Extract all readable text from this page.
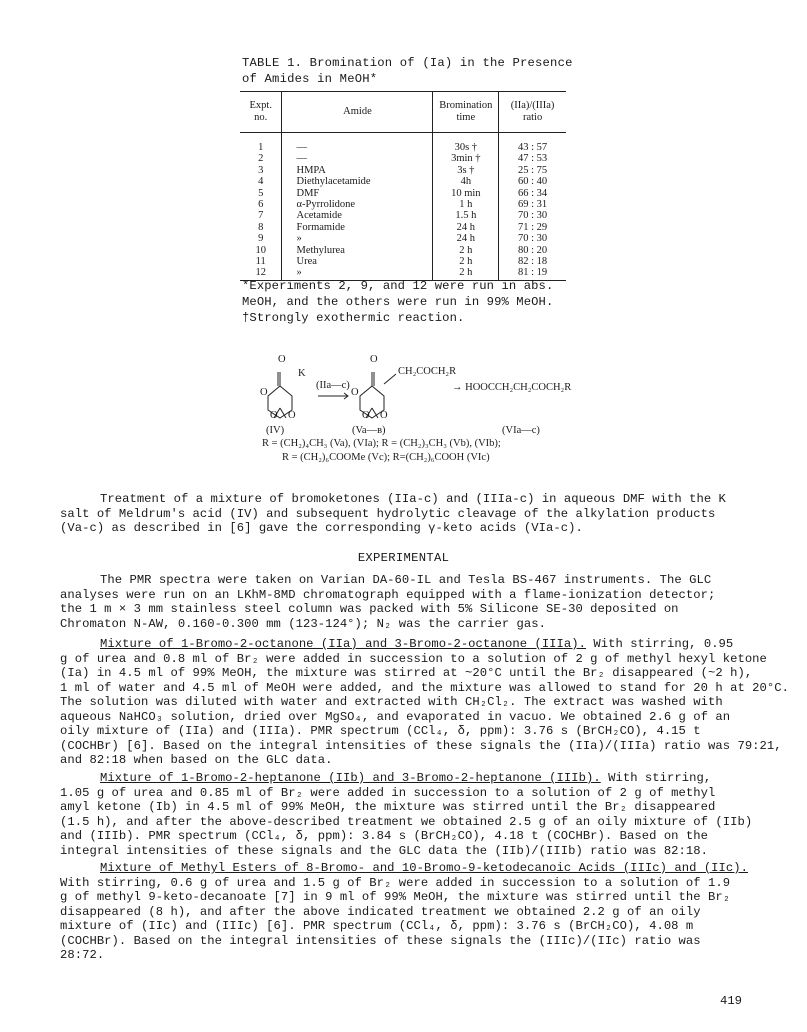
TABLE 1. Bromination of (Ia) in the Presence
of Amides in MeOH*
Expt. no.	Amide	Bromination time	(IIa)/(IIIa) ratio
1	—	30s †	43 : 57
2	—	3min †	47 : 53
3	HMPA	3s †	25 : 75
4	Diethylacetamide	4h	60 : 40
5	DMF	10 min	66 : 34
6	α-Pyrrolidone	1 h	69 : 31
7	Acetamide	1.5 h	70 : 30
8	Formamide	24 h	71 : 29
9	»	24 h	70 : 30
10	Methylurea	2 h	80 : 20
11	Urea	2 h	82 : 18
12	»	2 h	81 : 19
*Experiments 2, 9, and 12 were run in abs.
MeOH, and the others were run in 99% MeOH.
†Strongly exothermic reaction.
O
K
O
O O
O
CH₂COCH₂R
(IIa—c)
O
O O
→ HOOCCH₂CH₂COCH₂R
(IV)	(Va—в)	(VIa—c)
R = (CH₂)₄CH₃ (Va), (VIa); R = (CH₂)₃CH₃ (Vb), (VIb);
R = (CH₂)₆COOMe (Vc); R=(CH₂)₆COOH (VIc)
Treatment of a mixture of bromoketones (IIa-c) and (IIIa-c) in aqueous DMF with the K
salt of Meldrum's acid (IV) and subsequent hydrolytic cleavage of the alkylation products
(Va-c) as described in [6] gave the corresponding γ-keto acids (VIa-c).
EXPERIMENTAL
The PMR spectra were taken on Varian DA-60-IL and Tesla BS-467 instruments. The GLC
analyses were run on an LKhM-8MD chromatograph equipped with a flame-ionization detector;
the 1 m × 3 mm stainless steel column was packed with 5% Silicone SE-30 deposited on
Chromaton N-AW, 0.160-0.300 mm (123-124°); N₂ was the carrier gas.
Mixture of 1-Bromo-2-octanone (IIa) and 3-Bromo-2-octanone (IIIa). With stirring, 0.95
g of urea and 0.8 ml of Br₂ were added in succession to a solution of 2 g of methyl hexyl ketone
(Ia) in 4.5 ml of 99% MeOH, the mixture was stirred at ~20°C until the Br₂ disappeared (~2 h),
1 ml of water and 4.5 ml of MeOH were added, and the mixture was allowed to stand for 20 h at 20°C.
The solution was diluted with water and extracted with CH₂Cl₂. The extract was washed with
aqueous NaHCO₃ solution, dried over MgSO₄, and evaporated in vacuo. We obtained 2.6 g of an
oily mixture of (IIa) and (IIIa). PMR spectrum (CCl₄, δ, ppm): 3.76 s (BrCH₂CO), 4.15 t
(COCHBr) [6]. Based on the integral intensities of these signals the (IIa)/(IIIa) ratio was 79:21,
and 82:18 when based on the GLC data.
Mixture of 1-Bromo-2-heptanone (IIb) and 3-Bromo-2-heptanone (IIIb). With stirring,
1.05 g of urea and 0.85 ml of Br₂ were added in succession to a solution of 2 g of methyl
amyl ketone (Ib) in 4.5 ml of 99% MeOH, the mixture was stirred until the Br₂ disappeared
(1.5 h), and after the above-described treatment we obtained 2.5 g of an oily mixture of (IIb)
and (IIIb). PMR spectrum (CCl₄, δ, ppm): 3.84 s (BrCH₂CO), 4.18 t (COCHBr). Based on the
integral intensities of these signals and the GLC data the (IIb)/(IIIb) ratio was 82:18.
Mixture of Methyl Esters of 8-Bromo- and 10-Bromo-9-ketodecanoic Acids (IIIc) and (IIc).
With stirring, 0.6 g of urea and 1.5 g of Br₂ were added in succession to a solution of 1.9
g of methyl 9-keto-decanoate [7] in 9 ml of 99% MeOH, the mixture was stirred until the Br₂
disappeared (8 h), and after the above indicated treatment we obtained 2.2 g of an oily
mixture of (IIc) and (IIIc) [6]. PMR spectrum (CCl₄, δ, ppm): 3.76 s (BrCH₂CO), 4.08 m
(COCHBr). Based on the integral intensities of these signals the (IIIc)/(IIc) ratio was
28:72.
419
